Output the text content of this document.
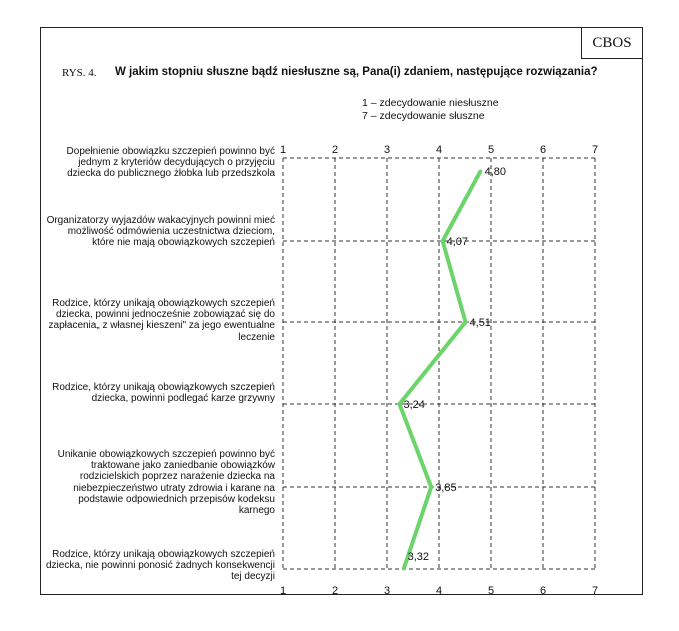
CBOS
RYS. 4. W jakim stopniu słuszne bądź niesłuszne są, Pana(i) zdaniem, następujące rozwiązania?
1 – zdecydowanie niesłuszne
7 – zdecydowanie słuszne
Dopełnienie obowiązku szczepień powinno być jednym z kryteriów decydujących o przyjęciu dziecka do publicznego żłobka lub przedszkola
Organizatorzy wyjazdów wakacyjnych powinni mieć możliwość odmówienia uczestnictwa dzieciom, które nie mają obowiązkowych szczepień
Rodzice, którzy unikają obowiązkowych szczepień dziecka, powinni jednocześnie zobowiązać się do zapłacenia„ z własnej kieszeni" za jego ewentualne leczenie
Rodzice, którzy unikają obowiązkowych szczepień dziecka, powinni podlegać karze grzywny
Unikanie obowiązkowych szczepień powinno być traktowane jako zaniedbanie obowiązków rodzicielskich poprzez narażenie dziecka na niebezpieczeństwo utraty zdrowia i karane na podstawie odpowiednich przepisów kodeksu karnego
Rodzice, którzy unikają obowiązkowych szczepień dziecka, nie powinni ponosić żadnych konsekwencji tej decyzji
1
1
2
2
3
3
4
4
5
5
6
6
7
7
4,80
4,07
4,51
3,24
3,85
3,32
